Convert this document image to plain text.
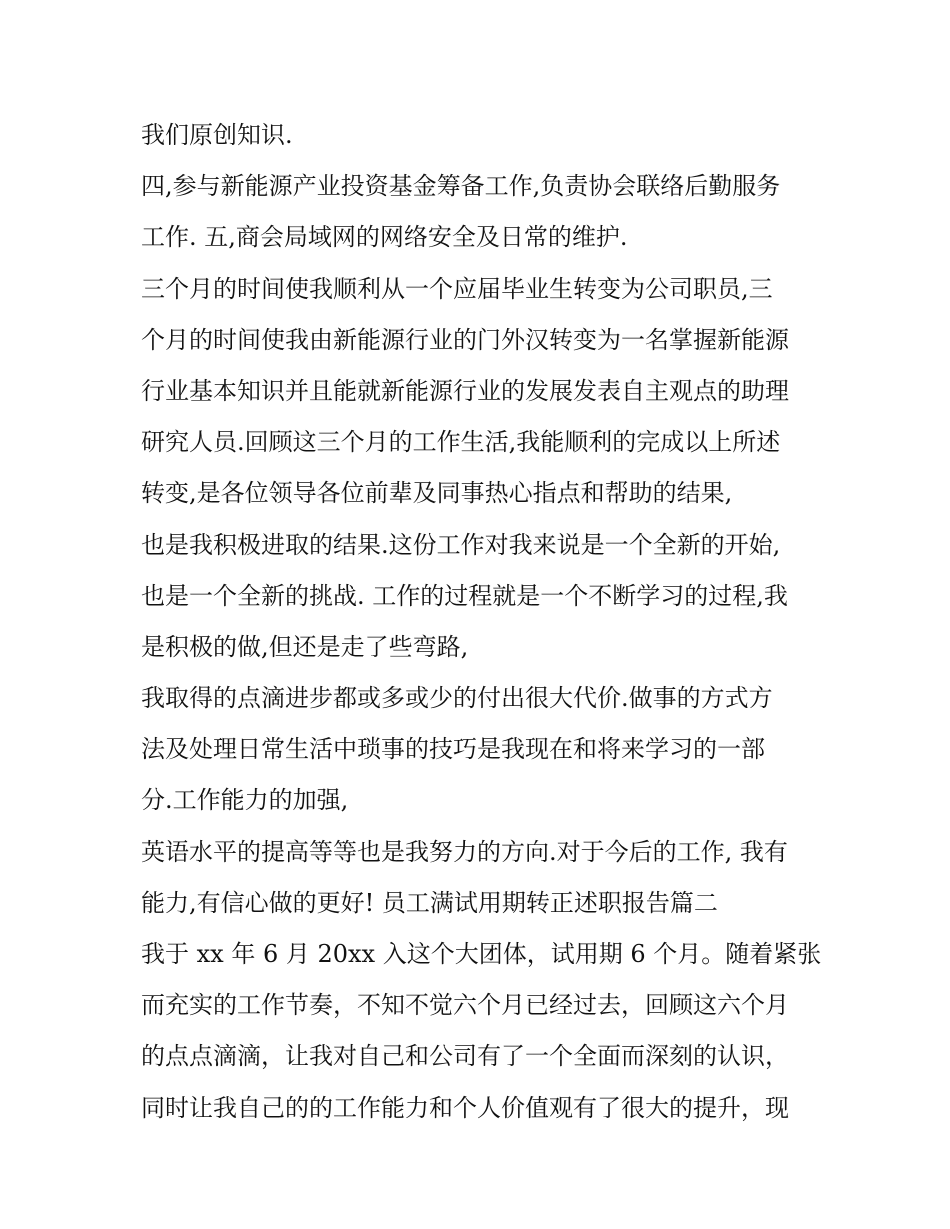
我们原创知识.
四,参与新能源产业投资基金筹备工作,负责协会联络后勤服务
工作. 五,商会局域网的网络安全及日常的维护.
三个月的时间使我顺利从一个应届毕业生转变为公司职员,三
个月的时间使我由新能源行业的门外汉转变为一名掌握新能源
行业基本知识并且能就新能源行业的发展发表自主观点的助理
研究人员.回顾这三个月的工作生活,我能顺利的完成以上所述
转变,是各位领导各位前辈及同事热心指点和帮助的结果,
也是我积极进取的结果.这份工作对我来说是一个全新的开始,
也是一个全新的挑战. 工作的过程就是一个不断学习的过程,我
是积极的做,但还是走了些弯路,
我取得的点滴进步都或多或少的付出很大代价.做事的方式方
法及处理日常生活中琐事的技巧是我现在和将来学习的一部
分.工作能力的加强,
英语水平的提高等等也是我努力的方向.对于今后的工作, 我有
能力,有信心做的更好! 员工满试用期转正述职报告篇二
我于 xx 年 6 月 20xx 入这个大团体，试用期 6 个月。随着紧张
而充实的工作节奏，不知不觉六个月已经过去，回顾这六个月
的点点滴滴，让我对自己和公司有了一个全面而深刻的认识，
同时让我自己的的工作能力和个人价值观有了很大的提升，现
